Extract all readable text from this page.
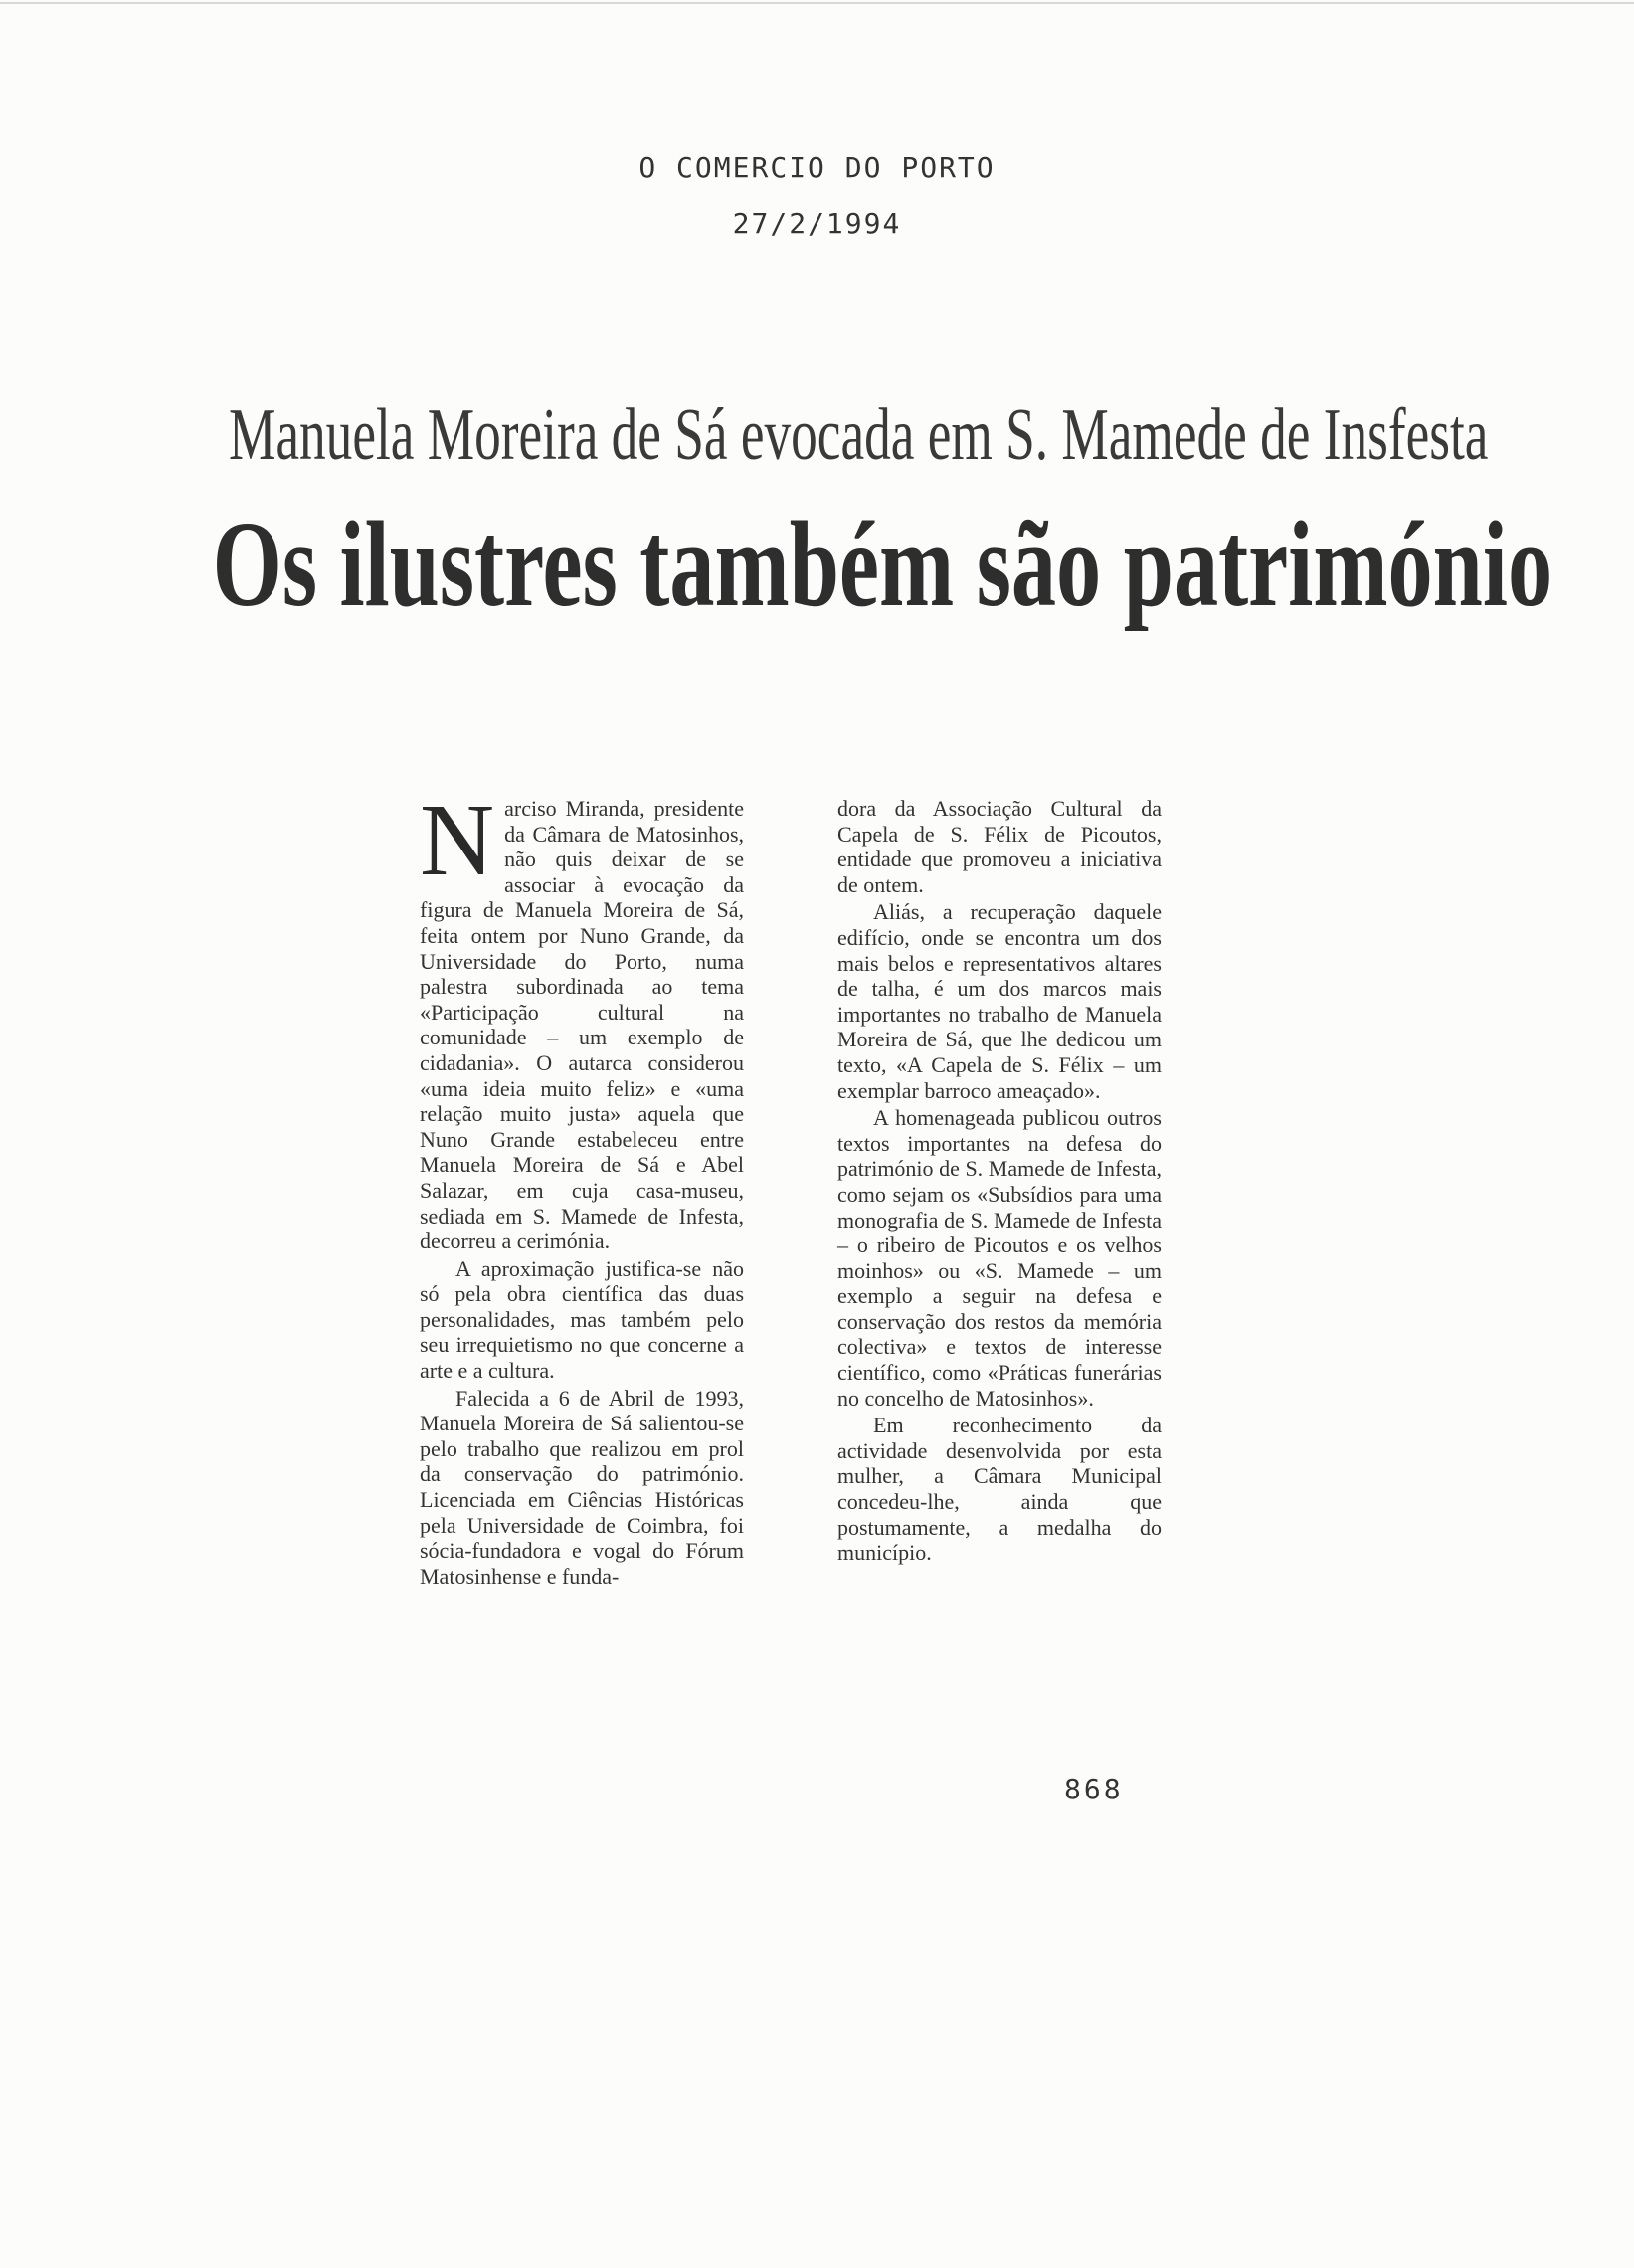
O COMERCIO DO PORTO
27/2/1994
Manuela Moreira de Sá evocada em S. Mamede de Insfesta
Os ilustres também são património

Narciso Miranda, presidente da Câmara de Matosinhos, não quis deixar de se associar à evocação da figura de Manuela Moreira de Sá, feita ontem por Nuno Grande, da Universidade do Porto, numa palestra subordinada ao tema «Participação cultural na comunidade – um exemplo de cidadania». O autarca considerou «uma ideia muito feliz» e «uma relação muito justa» aquela que Nuno Grande estabeleceu entre Manuela Moreira de Sá e Abel Salazar, em cuja casa-museu, sediada em S. Mamede de Infesta, decorreu a cerimónia.

A aproximação justifica-se não só pela obra científica das duas personalidades, mas também pelo seu irrequietismo no que concerne a arte e a cultura.

Falecida a 6 de Abril de 1993, Manuela Moreira de Sá salientou-se pelo trabalho que realizou em prol da conservação do património. Licenciada em Ciências Históricas pela Universidade de Coimbra, foi sócia-fundadora e vogal do Fórum Matosinhense e funda-

dora da Associação Cultural da Capela de S. Félix de Picoutos, entidade que promoveu a iniciativa de ontem.

Aliás, a recuperação daquele edifício, onde se encontra um dos mais belos e representativos altares de talha, é um dos marcos mais importantes no trabalho de Manuela Moreira de Sá, que lhe dedicou um texto, «A Capela de S. Félix – um exemplar barroco ameaçado».

A homenageada publicou outros textos importantes na defesa do património de S. Mamede de Infesta, como sejam os «Subsídios para uma monografia de S. Mamede de Infesta – o ribeiro de Picoutos e os velhos moinhos» ou «S. Mamede – um exemplo a seguir na defesa e conservação dos restos da memória colectiva» e textos de interesse científico, como «Práticas funerárias no concelho de Matosinhos».

Em reconhecimento da actividade desenvolvida por esta mulher, a Câmara Municipal concedeu-lhe, ainda que postumamente, a medalha do município.

868
